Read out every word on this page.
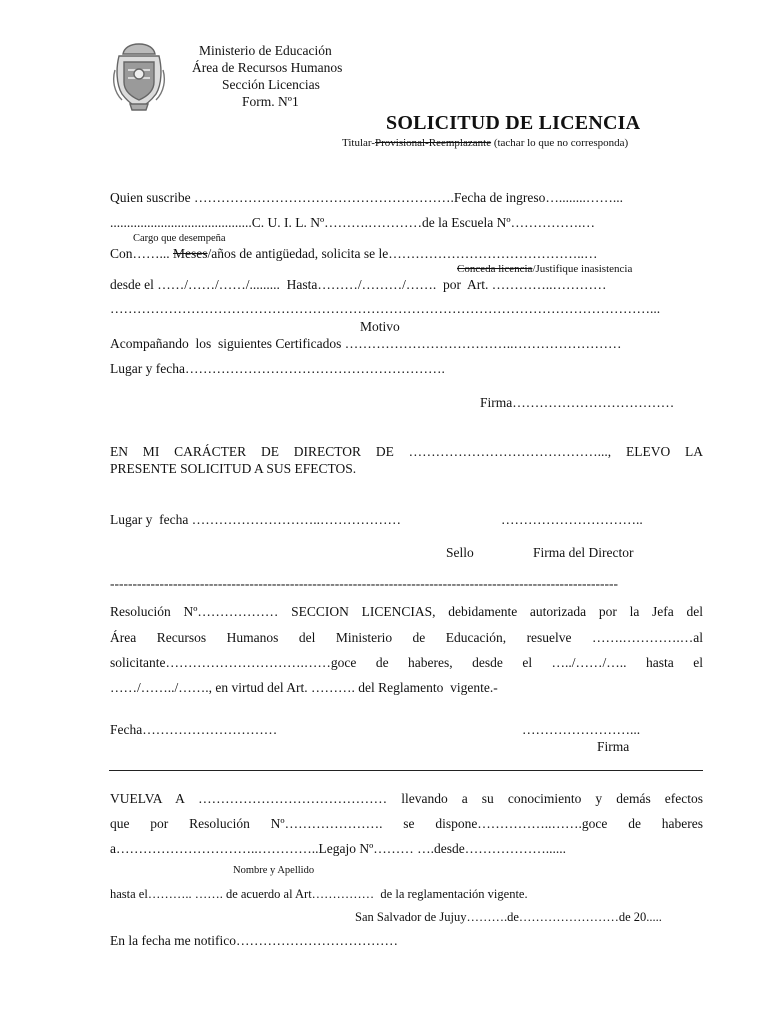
Ministerio de Educación
Área de Recursos Humanos
Sección Licencias
Form. Nº1
SOLICITUD DE LICENCIA
Titular-Provisional-Reemplazante (tachar lo que no corresponda)
Quien suscribe ………………………………………………….Fecha de ingreso…........……...
..........................................C. U. I. L. Nº……….…………de la Escuela Nº…………….…
Cargo que desempeña
Con……... Meses/años de antigüedad, solicita se le……………………………………..…
Conceda licencia/Justifique inasistencia
desde el ……/……/……/.........  Hasta………/………/…….  por  Art. …………..…………
…………………………………………………………………………………………………………...
Motivo
Acompañando  los  siguientes Certificados ………………………………..……………………
Lugar y fecha………………………………………………….
Firma………………………………
EN MI CARÁCTER DE DIRECTOR DE ……………………………………..., ELEVO LA
PRESENTE SOLICITUD A SUS EFECTOS.
Lugar y  fecha ………………………..………………	…………………………..
Sello	Firma del Director
-----------------------------------------------------------------------------------------------------------------
Resolución Nº……………… SECCION LICENCIAS, debidamente autorizada por la Jefa del
Área Recursos Humanos del Ministerio de Educación, resuelve …….………….…al
solicitante………………………….……goce de haberes, desde el …../……/….. hasta el
……/……../……., en virtud del Art. ………. del Reglamento  vigente.-
Fecha…………………………	……………………...
Firma
VUELVA A …………………………………… llevando a su conocimiento y demás efectos
que por Resolución Nº…………………. se dispone……………..…….goce de haberes
a…………………………..…………..Legajo Nº……… ….desde………………......
Nombre y Apellido
hasta el……….. ……. de acuerdo al Art……………  de la reglamentación vigente.
San Salvador de Jujuy……….de……………………de 20.....
En la fecha me notifico………………………………
